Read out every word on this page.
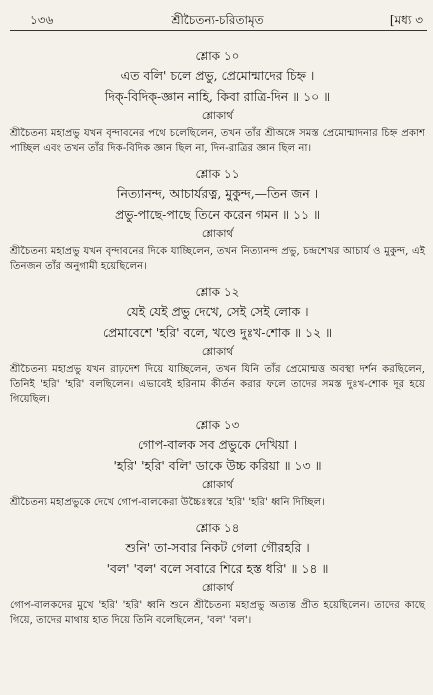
১৩৬	শ্রীচৈতন্য-চরিতামৃত	[মধ্য ৩

শ্লোক ১০

এত বলি' চলে প্রভু, প্রেমোন্মাদের চিহ্ন ।

দিক্-বিদিক্-জ্ঞান নাহি, কিবা রাত্রি-দিন ॥ ১০ ॥

শ্লোকার্থ

শ্রীচৈতন্য মহাপ্রভু যখন বৃন্দাবনের পথে চলেছিলেন, তখন তাঁর শ্রীঅঙ্গে সমস্ত প্রেমোন্মাদনার চিহ্ন প্রকাশ পাচ্ছিল এবং তখন তাঁর দিক-বিদিক জ্ঞান ছিল না, দিন-রাত্রির জ্ঞান ছিল না।

শ্লোক ১১

নিত্যানন্দ, আচার্যরত্ন, মুকুন্দ,—তিন জন ।

প্রভু-পাছে-পাছে তিনে করেন গমন ॥ ১১ ॥

শ্লোকার্থ

শ্রীচৈতন্য মহাপ্রভু যখন বৃন্দাবনের দিকে যাচ্ছিলেন, তখন নিত্যানন্দ প্রভু, চন্দ্রশেখর আচার্য ও মুকুন্দ, এই তিনজন তাঁর অনুগামী হয়েছিলেন।

শ্লোক ১২

যেই যেই প্রভু দেখে, সেই সেই লোক ।

প্রেমাবেশে 'হরি' বলে, খণ্ডে দুঃখ-শোক ॥ ১২ ॥

শ্লোকার্থ

শ্রীচৈতন্য মহাপ্রভু যখন রাঢ়দেশ দিয়ে যাচ্ছিলেন, তখন যিনি তাঁর প্রেমোন্মত্ত অবস্থা দর্শন করছিলেন, তিনিই 'হরি' 'হরি' বলছিলেন। এভাবেই হরিনাম কীর্তন করার ফলে তাদের সমস্ত দুঃখ-শোক দূর হয়ে গিয়েছিল।

শ্লোক ১৩

গোপ-বালক সব প্রভুকে দেখিয়া ।

'হরি' 'হরি' বলি' ডাকে উচ্চ করিয়া ॥ ১৩ ॥

শ্লোকার্থ

শ্রীচৈতন্য মহাপ্রভুকে দেখে গোপ-বালকেরা উচ্চৈঃস্বরে 'হরি' 'হরি' ধ্বনি দিচ্ছিল।

শ্লোক ১৪

শুনি' তা-সবার নিকট গেলা গৌরহরি ।

'বল' 'বল' বলে সবারে শিরে হস্ত ধরি' ॥ ১৪ ॥

শ্লোকার্থ

গোপ-বালকদের মুখে 'হরি' 'হরি' ধ্বনি শুনে শ্রীচৈতন্য মহাপ্রভু অত্যন্ত প্রীত হয়েছিলেন। তাদের কাছে গিয়ে, তাদের মাথায় হাত দিয়ে তিনি বলেছিলেন, 'বল' 'বল'।
